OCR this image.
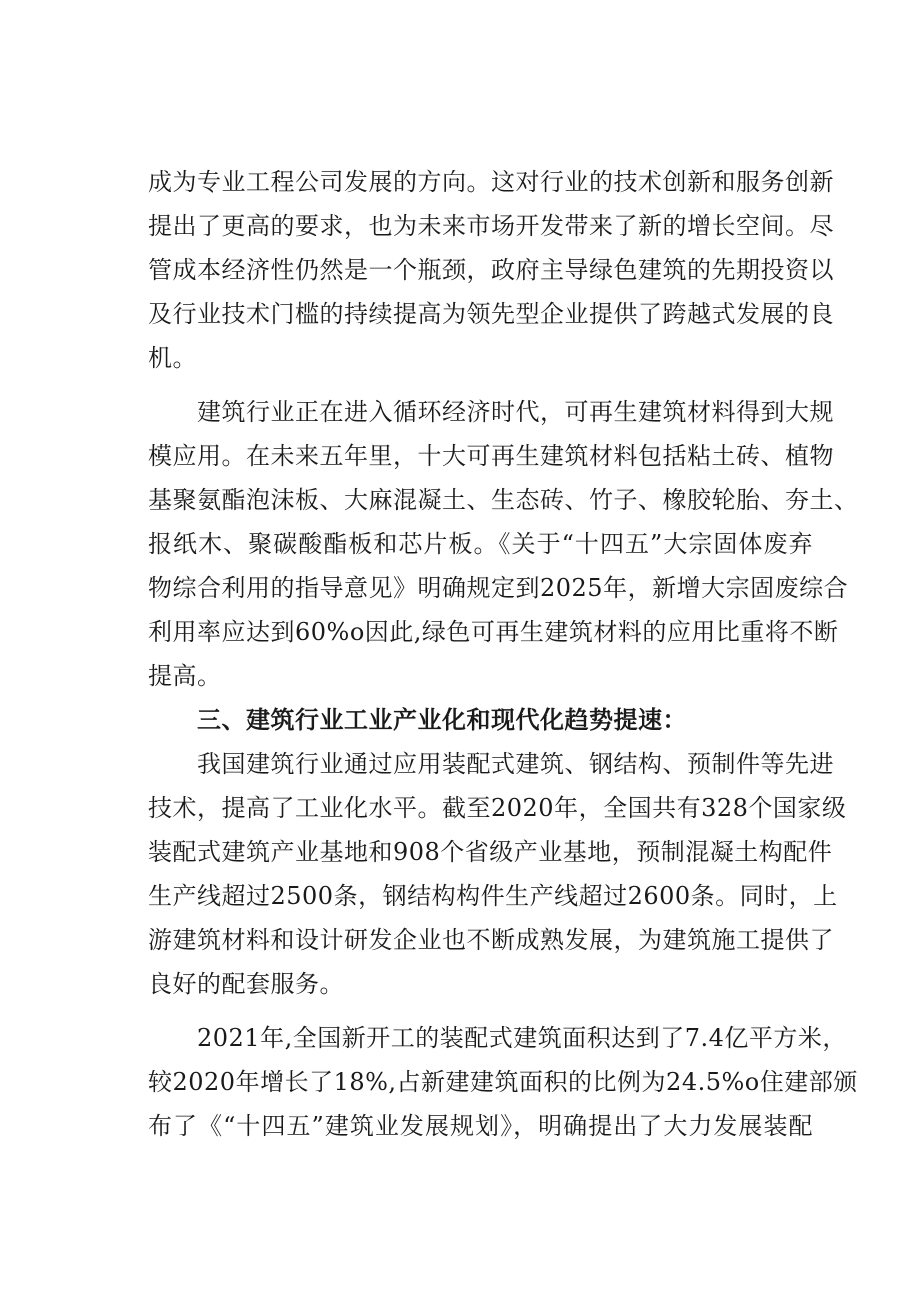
成为专业工程公司发展的方向。这对行业的技术创新和服务创新
提出了更高的要求，也为未来市场开发带来了新的增长空间。尽
管成本经济性仍然是一个瓶颈，政府主导绿色建筑的先期投资以
及行业技术门槛的持续提高为领先型企业提供了跨越式发展的良
机。
　　建筑行业正在进入循环经济时代，可再生建筑材料得到大规
模应用。在未来五年里，十大可再生建筑材料包括粘土砖、植物
基聚氨酯泡沫板、大麻混凝土、生态砖、竹子、橡胶轮胎、夯土、
报纸木、聚碳酸酯板和芯片板。《关于“十四五”大宗固体废弃
物综合利用的指导意见》明确规定到2025年，新增大宗固废综合
利用率应达到60%o因此,绿色可再生建筑材料的应用比重将不断
提高。
　　三、建筑行业工业产业化和现代化趋势提速：
　　我国建筑行业通过应用装配式建筑、钢结构、预制件等先进
技术，提高了工业化水平。截至2020年，全国共有328个国家级
装配式建筑产业基地和908个省级产业基地，预制混凝土构配件
生产线超过2500条，钢结构构件生产线超过2600条。同时，上
游建筑材料和设计研发企业也不断成熟发展，为建筑施工提供了
良好的配套服务。
　　2021年,全国新开工的装配式建筑面积达到了7.4亿平方米，
较2020年增长了18%,占新建建筑面积的比例为24.5%o住建部颁
布了《“十四五”建筑业发展规划》，明确提出了大力发展装配
